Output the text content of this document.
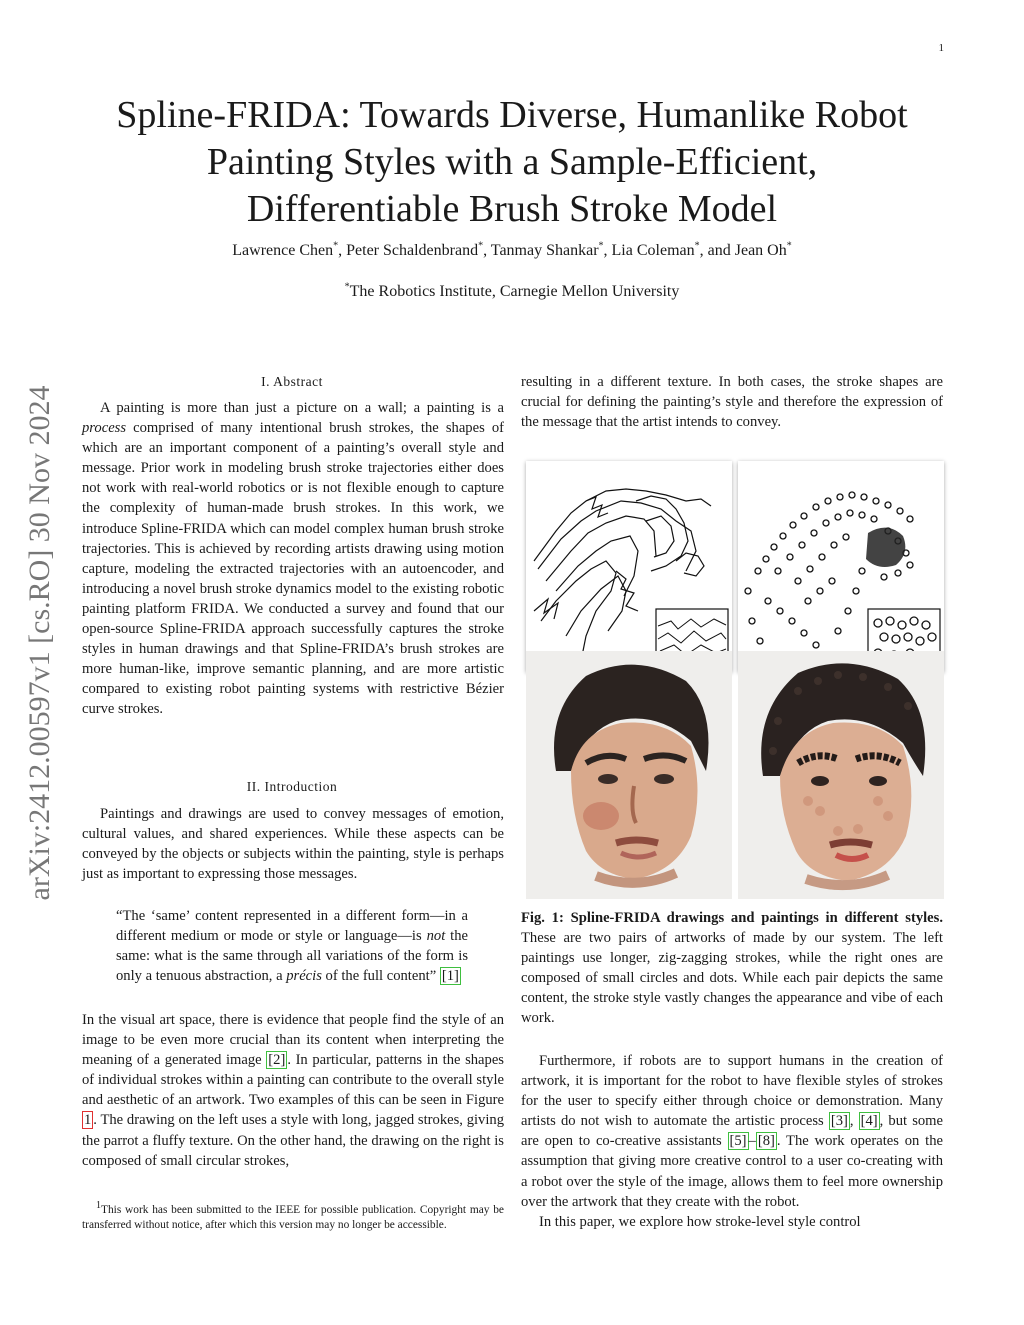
1
arXiv:2412.00597v1 [cs.RO] 30 Nov 2024
Spline-FRIDA: Towards Diverse, Humanlike Robot
Painting Styles with a Sample-Efficient,
Differentiable Brush Stroke Model
Lawrence Chen*, Peter Schaldenbrand*, Tanmay Shankar*, Lia Coleman*, and Jean Oh*
*The Robotics Institute, Carnegie Mellon University
I. Abstract

A painting is more than just a picture on a wall; a painting is a process comprised of many intentional brush strokes, the shapes of which are an important component of a painting’s overall style and message. Prior work in modeling brush stroke trajectories either does not work with real-world robotics or is not flexible enough to capture the complexity of human-made brush strokes. In this work, we introduce Spline-FRIDA which can model complex human brush stroke trajectories. This is achieved by recording artists drawing using motion capture, modeling the extracted trajectories with an autoencoder, and introducing a novel brush stroke dynamics model to the existing robotic painting platform FRIDA. We conducted a survey and found that our open-source Spline-FRIDA approach successfully captures the stroke styles in human drawings and that Spline-FRIDA’s brush strokes are more human-like, improve semantic planning, and are more artistic compared to existing robot painting systems with restrictive Bézier curve strokes.

II. Introduction

Paintings and drawings are used to convey messages of emotion, cultural values, and shared experiences. While these aspects can be conveyed by the objects or subjects within the painting, style is perhaps just as important to expressing those messages.

“The ‘same’ content represented in a different form—in a different medium or mode or style or language—is not the same: what is the same through all variations of the form is only a tenuous abstraction, a précis of the full content” [1]

In the visual art space, there is evidence that people find the style of an image to be even more crucial than its content when interpreting the meaning of a generated image [2] . In particular, patterns in the shapes of individual strokes within a painting can contribute to the overall style and aesthetic of an artwork. Two examples of this can be seen in Figure 1 . The drawing on the left uses a style with long, jagged strokes, giving the parrot a fluffy texture. On the other hand, the drawing on the right is composed of small circular strokes,

$^1$This work has been submitted to the IEEE for possible publication. Copyright may be transferred without notice, after which this version may no longer be accessible.
resulting in a different texture. In both cases, the stroke shapes are crucial for defining the painting’s style and therefore the expression of the message that the artist intends to convey.
Fig. 1: Spline-FRIDA drawings and paintings in different styles. These are two pairs of artworks of made by our system. The left paintings use longer, zig-zagging strokes, while the right ones are composed of small circles and dots. While each pair depicts the same content, the stroke style vastly changes the appearance and vibe of each work.

Furthermore, if robots are to support humans in the creation of artwork, it is important for the robot to have flexible styles of strokes for the user to specify either through choice or demonstration. Many artists do not wish to automate the artistic process [3] , [4] , but some are open to co-creative assistants [5] – [8] . The work operates on the assumption that giving more creative control to a user co-creating with a robot over the style of the image, allows them to feel more ownership over the artwork that they create with the robot.

In this paper, we explore how stroke-level style control
